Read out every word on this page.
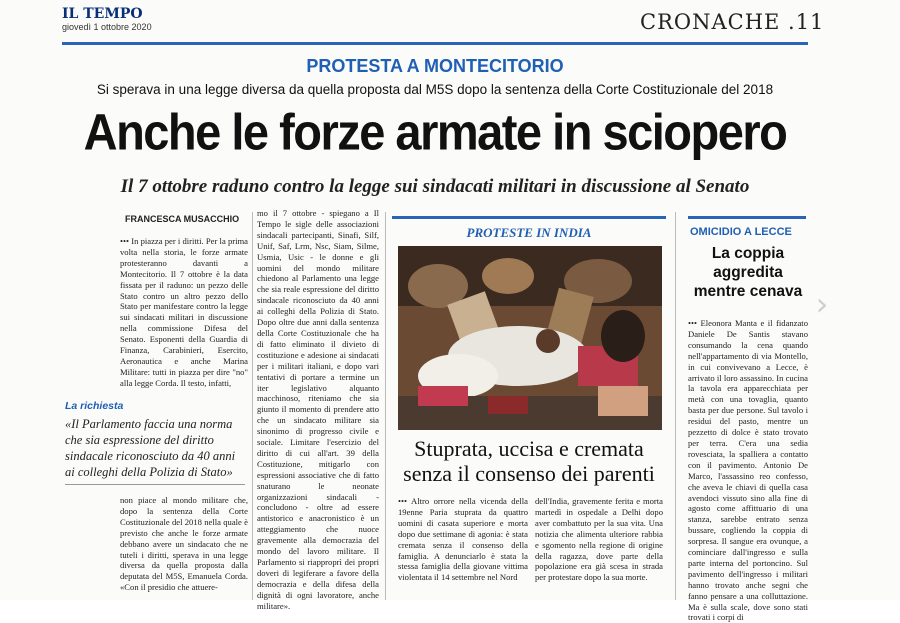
IL TEMPO
giovedì 1 ottobre 2020	CRONACHE .11
PROTESTA A MONTECITORIO
Si sperava in una legge diversa da quella proposta dal M5S dopo la sentenza della Corte Costituzionale del 2018
Anche le forze armate in sciopero
Il 7 ottobre raduno contro la legge sui sindacati militari in discussione al Senato
FRANCESCA MUSACCHIO
••• In piazza per i diritti. Per la prima volta nella storia, le forze armate protesteranno davanti a Montecitorio. Il 7 ottobre è la data fissata per il raduno: un pezzo delle Stato contro un altro pezzo dello Stato per manifestare contro la legge sui sindacati militari in discussione nella commissione Difesa del Senato. Esponenti della Guardia di Finanza, Carabinieri, Esercito, Aeronautica e anche Marina Militare: tutti in piazza per dire "no" alla legge Corda. Il testo, infatti,
La richiesta
«Il Parlamento faccia una norma che sia espressione del diritto sindacale riconosciuto da 40 anni ai colleghi della Polizia di Stato»
non piace al mondo militare che, dopo la sentenza della Corte Costituzionale del 2018 nella quale è previsto che anche le forze armate debbano avere un sindacato che ne tuteli i diritti, sperava in una legge diversa da quella proposta dalla deputata del M5S, Emanuela Corda. «Con il presidio che attuere-
mo il 7 ottobre - spiegano a Il Tempo le sigle delle associazioni sindacali partecipanti, Sinafi, Silf, Unif, Saf, Lrm, Nsc, Siam, Silme, Usmia, Usic - le donne e gli uomini del mondo militare chiedono al Parlamento una legge che sia reale espressione del diritto sindacale riconosciuto da 40 anni ai colleghi della Polizia di Stato. Dopo oltre due anni dalla sentenza della Corte Costituzionale che ha di fatto eliminato il divieto di costituzione e adesione ai sindacati per i militari italiani, e dopo vari tentativi di portare a termine un iter legislativo alquanto macchinoso, riteniamo che sia giunto il momento di prendere atto che un sindacato militare sia sinonimo di progresso civile e sociale. Limitare l'esercizio del diritto di cui all'art. 39 della Costituzione, mitigarlo con espressioni associative che di fatto snaturano le neonate organizzazioni sindacali - concludono - oltre ad essere antistorico e anacronistico è un atteggiamento che nuoce gravemente alla democrazia del mondo del lavoro militare. Il Parlamento si riapproprì dei propri doveri di legiferare a favore della democrazia e della difesa della dignità di ogni lavoratore, anche militare».
PROTESTE IN INDIA
Stuprata, uccisa e cremata senza il consenso dei parenti
••• Altro orrore nella vicenda della 19enne Paria stuprata da quattro uomini di casata superiore e morta dopo due settimane di agonia: è stata cremata senza il consenso della famiglia. A denunciarlo è stata la stessa famiglia della giovane vittima violentata il 14 settembre nel Nord
dell'India, gravemente ferita e morta martedì in ospedale a Delhi dopo aver combattuto per la sua vita. Una notizia che alimenta ulteriore rabbia e sgomento nella regione di origine della ragazza, dove parte della popolazione era già scesa in strada per protestare dopo la sua morte.
OMICIDIO A LECCE
La coppia aggredita mentre cenava
••• Eleonora Manta e il fidanzato Daniele De Santis stavano consumando la cena quando nell'appartamento di via Montello, in cui convivevano a Lecce, è arrivato il loro assassino. In cucina la tavola era apparecchiata per metà con una tovaglia, quanto basta per due persone. Sul tavolo i residui del pasto, mentre un pezzetto di dolce è stato trovato per terra. C'era una sedia rovesciata, la spalliera a contatto con il pavimento. Antonio De Marco, l'assassino reo confesso, che aveva le chiavi di quella casa avendoci vissuto sino alla fine di agosto come affittuario di una stanza, sarebbe entrato senza bussare, cogliendo la coppia di sorpresa. Il sangue era ovunque, a cominciare dall'ingresso e sulla parte interna del portoncino. Sul pavimento dell'ingresso i militari hanno trovato anche segni che fanno pensare a una colluttazione. Ma è sulla scale, dove sono stati trovati i corpi di
›
